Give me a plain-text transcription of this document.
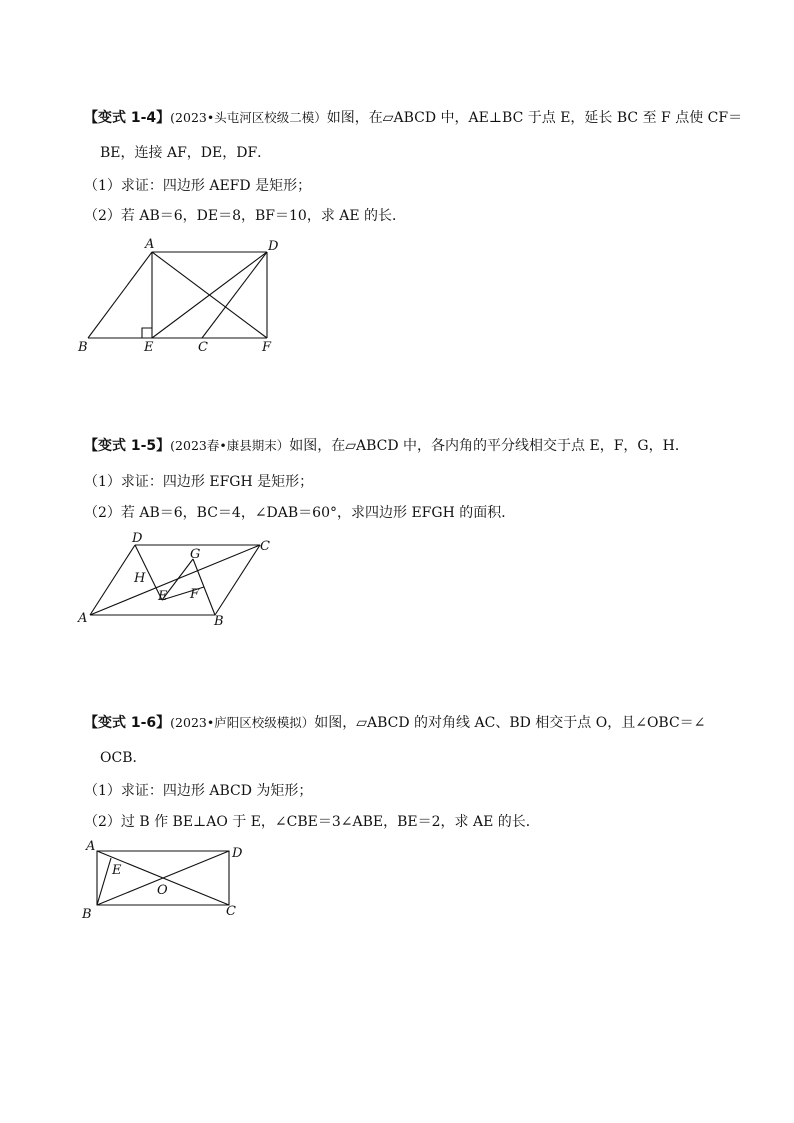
【变式 1-4】(2023•头屯河区校级二模）如图，在▱ABCD 中，AE⊥BC 于点 E，延长 BC 至 F 点使 CF＝
BE，连接 AF，DE，DF．
（1）求证：四边形 AEFD 是矩形；
（2）若 AB＝6，DE＝8，BF＝10，求 AE 的长．
A	D
B	E	C	F
【变式 1-5】(2023春•康县期末）如图，在▱ABCD 中，各内角的平分线相交于点 E，F，G，H．
（1）求证：四边形 EFGH 是矩形；
（2）若 AB＝6，BC＝4，∠DAB＝60°，求四边形 EFGH 的面积．
D
C
G
H
E F
A	B
【变式 1-6】(2023•庐阳区校级模拟）如图，▱ABCD 的对角线 AC、BD 相交于点 O，且∠OBC＝∠
OCB．
（1）求证：四边形 ABCD 为矩形；
（2）过 B 作 BE⊥AO 于 E，∠CBE＝3∠ABE，BE＝2，求 AE 的长．
A	D
E
O
B	C
